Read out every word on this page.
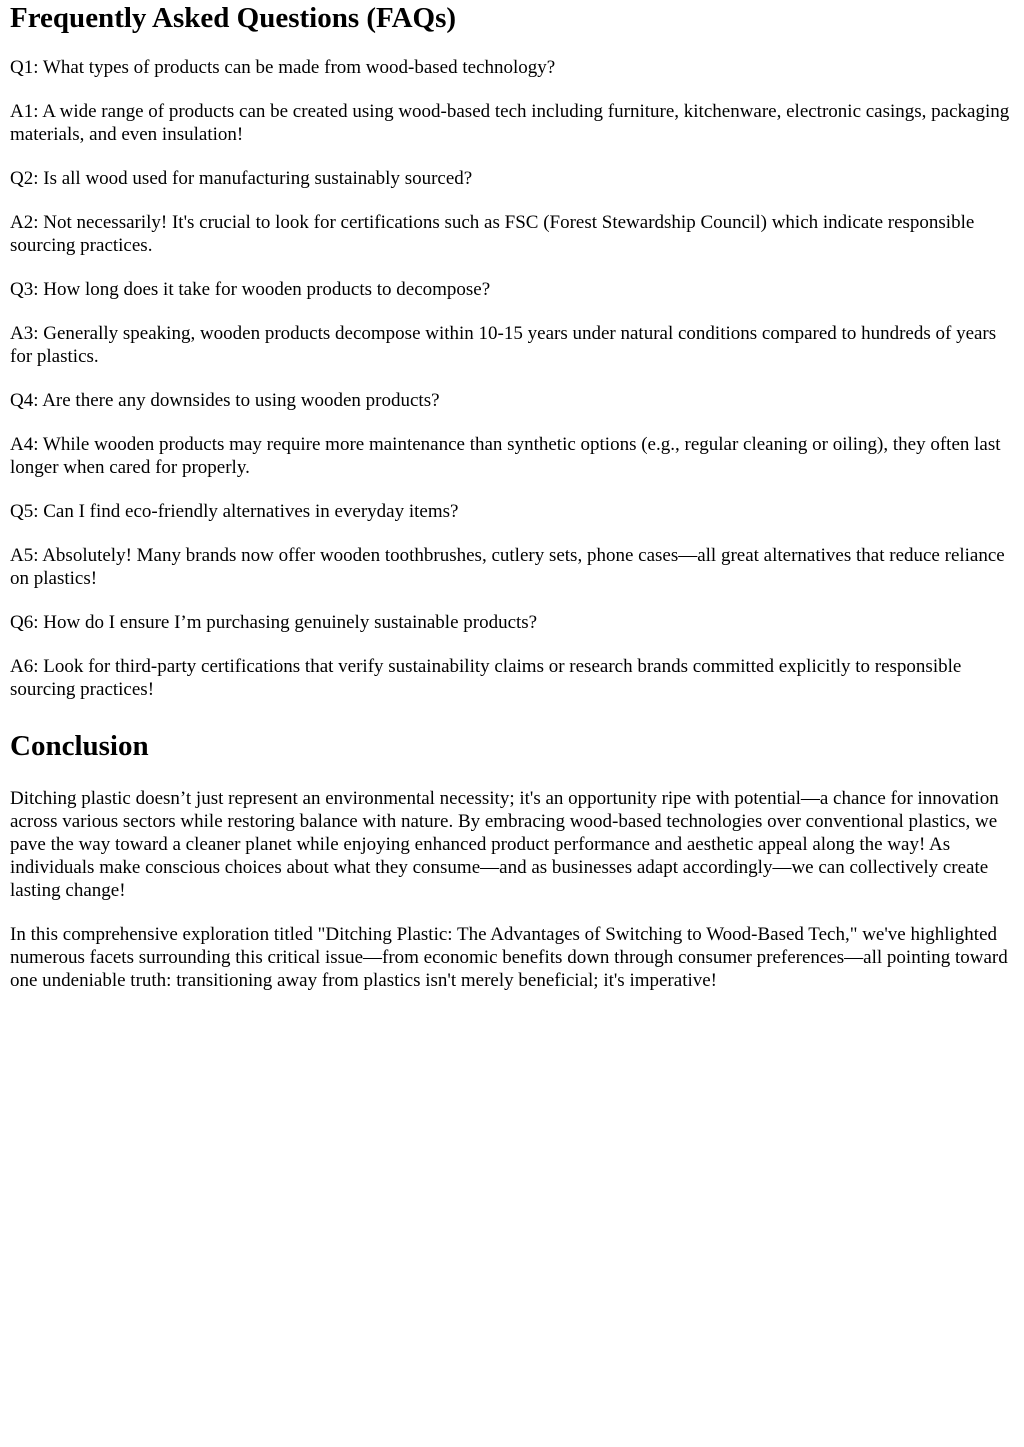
Frequently Asked Questions (FAQs)

Q1: What types of products can be made from wood-based technology?

A1: A wide range of products can be created using wood-based tech including furniture, kitchenware, electronic casings, packaging materials, and even insulation!

Q2: Is all wood used for manufacturing sustainably sourced?

A2: Not necessarily! It's crucial to look for certifications such as FSC (Forest Stewardship Council) which indicate responsible sourcing practices.

Q3: How long does it take for wooden products to decompose?

A3: Generally speaking, wooden products decompose within 10-15 years under natural conditions compared to hundreds of years for plastics.

Q4: Are there any downsides to using wooden products?

A4: While wooden products may require more maintenance than synthetic options (e.g., regular cleaning or oiling), they often last longer when cared for properly.

Q5: Can I find eco-friendly alternatives in everyday items?

A5: Absolutely! Many brands now offer wooden toothbrushes, cutlery sets, phone cases—all great alternatives that reduce reliance on plastics!

Q6: How do I ensure I’m purchasing genuinely sustainable products?

A6: Look for third-party certifications that verify sustainability claims or research brands committed explicitly to responsible sourcing practices!

Conclusion

Ditching plastic doesn’t just represent an environmental necessity; it's an opportunity ripe with potential—a chance for innovation across various sectors while restoring balance with nature. By embracing wood-based technologies over conventional plastics, we pave the way toward a cleaner planet while enjoying enhanced product performance and aesthetic appeal along the way! As individuals make conscious choices about what they consume—and as businesses adapt accordingly—we can collectively create lasting change!

In this comprehensive exploration titled "Ditching Plastic: The Advantages of Switching to Wood-Based Tech," we've highlighted numerous facets surrounding this critical issue—from economic benefits down through consumer preferences—all pointing toward one undeniable truth: transitioning away from plastics isn't merely beneficial; it's imperative!
